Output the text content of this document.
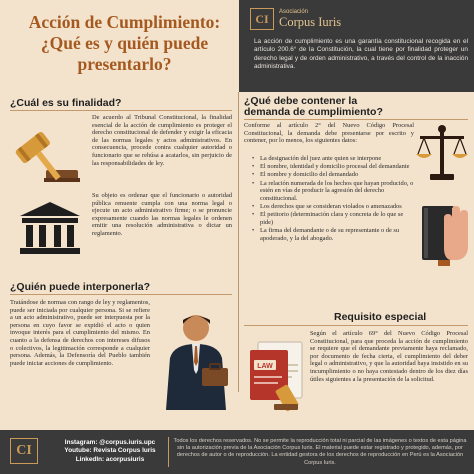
Acción de Cumplimiento:
¿Qué es y quién puede
presentarlo?
CI	Asociación
Corpus Iuris
La acción de cumplimiento es una garantía constitucional recogida en el artículo 200.6° de la Constitución, la cual tiene por finalidad proteger un derecho legal y de orden administrativo, a través del control de la inacción administrativa.
¿Cuál es su finalidad?
De acuerdo al Tribunal Constitucional, la finalidad esencial de la acción de cumplimiento es proteger el derecho constitucional de defender y exigir la eficacia de las normas legales y actos administrativos. En consecuencia, procede contra cualquier autoridad o funcionario que se rehúsa a acatarlos, sin perjuicio de las responsabilidades de ley.
Su objeto es ordenar que el funcionario o autoridad pública renuente cumpla con una norma legal o ejecute un acto administrativo firme; o se pronuncie expresamente cuando las normas legales le ordenen emitir una resolución administrativa o dictar un reglamento.
¿Quién puede interponerla?
Tratándose de normas con rango de ley y reglamentos, puede ser iniciada por cualquier persona. Si se refiere a un acto administrativo, puede ser interpuesta por la persona en cuyo favor se expidió el acto o quien invoque interés para el cumplimiento del mismo. En cuanto a la defensa de derechos con intereses difusos o colectivos, la legitimación corresponde a cualquier persona. Además, la Defensoría del Pueblo también puede iniciar acciones de cumplimiento.
¿Qué debe contener la
demanda de cumplimiento?
Conforme al artículo 2° del Nuevo Código Procesal Constitucional, la demanda debe presentarse por escrito y contener, por lo menos, los siguientes datos:
• La designación del juez ante quien se interpone
• El nombre, identidad y domicilio procesal del demandante
• El nombre y domicilio del demandado
• La relación numerada de los hechos que hayan producido, o estén en vías de producir la agresión del derecho constitucional.
• Los derechos que se consideran violados o amenazados
• El petitorio (determinación clara y concreta de lo que se pide)
• La firma del demandante o de su representante o de su apoderado, y la del abogado.
Requisito especial
LAW
Según el artículo 69° del Nuevo Código Procesal Constitucional, para que proceda la acción de cumplimiento se requiere que el demandante previamente haya reclamado, por documento de fecha cierta, el cumplimiento del deber legal o administrativo, y que la autoridad haya insistido en su incumplimiento o no haya contestado dentro de los diez días útiles siguientes a la presentación de la solicitud.
CI
Instagram: @corpus.iuris.upc
Youtube: Revista Corpus Iuris
LinkedIn: acorpusiuris
Todos los derechos reservados. No se permite la reproducción total ni parcial de las imágenes o textos de esta página sin la autorización previa de la Asociación Corpus Iuris. El material puede estar registrado y protegido, además, por derechos de autor o de reproducción. La entidad gestora de los derechos de reproducción en Perú es la Asociación Corpus Iuris.
